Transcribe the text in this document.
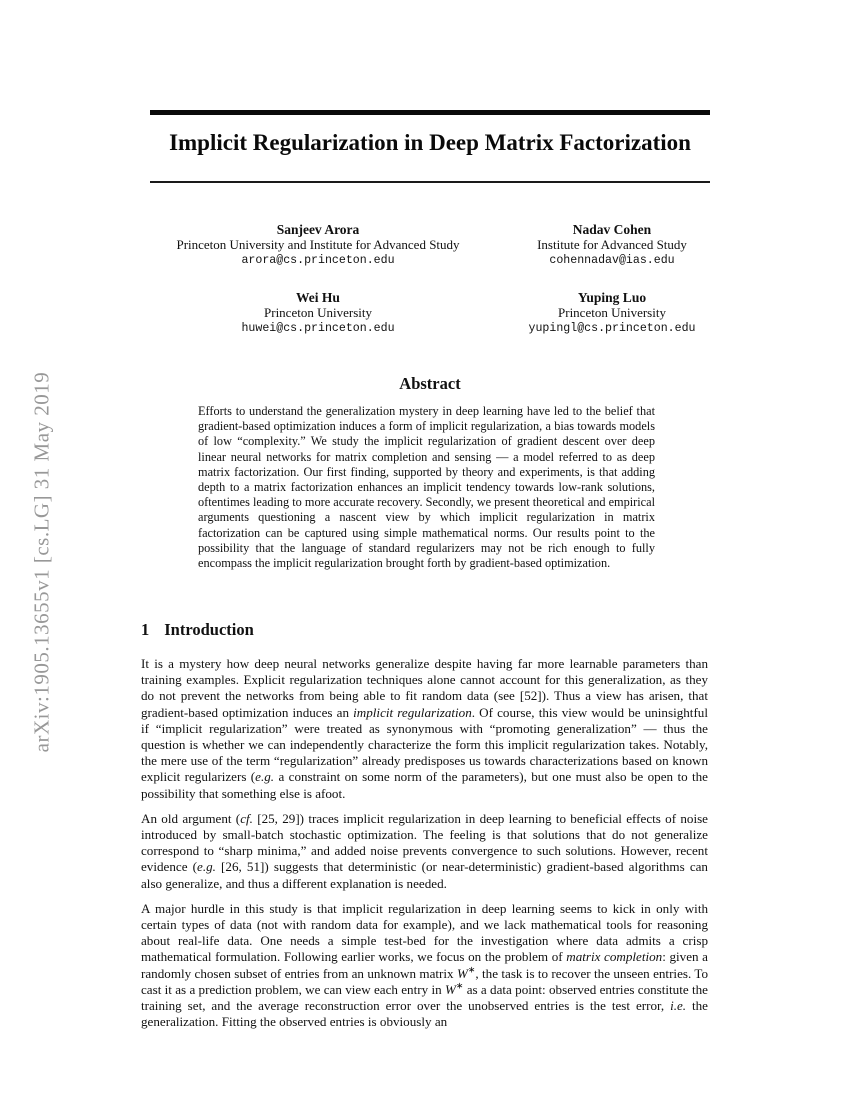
arXiv:1905.13655v1 [cs.LG] 31 May 2019
Implicit Regularization in Deep Matrix Factorization
Sanjeev Arora
Princeton University and Institute for Advanced Study
arora@cs.princeton.edu
Nadav Cohen
Institute for Advanced Study
cohennadav@ias.edu
Wei Hu
Princeton University
huwei@cs.princeton.edu
Yuping Luo
Princeton University
yupingl@cs.princeton.edu
Abstract
Efforts to understand the generalization mystery in deep learning have led to the belief that gradient-based optimization induces a form of implicit regularization, a bias towards models of low “complexity.” We study the implicit regularization of gradient descent over deep linear neural networks for matrix completion and sensing — a model referred to as deep matrix factorization. Our first finding, supported by theory and experiments, is that adding depth to a matrix factorization enhances an implicit tendency towards low-rank solutions, oftentimes leading to more accurate recovery. Secondly, we present theoretical and empirical arguments questioning a nascent view by which implicit regularization in matrix factorization can be captured using simple mathematical norms. Our results point to the possibility that the language of standard regularizers may not be rich enough to fully encompass the implicit regularization brought forth by gradient-based optimization.
1 Introduction

It is a mystery how deep neural networks generalize despite having far more learnable parameters than training examples. Explicit regularization techniques alone cannot account for this generalization, as they do not prevent the networks from being able to fit random data (see [52]). Thus a view has arisen, that gradient-based optimization induces an implicit regularization. Of course, this view would be uninsightful if “implicit regularization” were treated as synonymous with “promoting generalization” — thus the question is whether we can independently characterize the form this implicit regularization takes. Notably, the mere use of the term “regularization” already predisposes us towards characterizations based on known explicit regularizers (e.g. a constraint on some norm of the parameters), but one must also be open to the possibility that something else is afoot.

An old argument (cf. [25, 29]) traces implicit regularization in deep learning to beneficial effects of noise introduced by small-batch stochastic optimization. The feeling is that solutions that do not generalize correspond to “sharp minima,” and added noise prevents convergence to such solutions. However, recent evidence (e.g. [26, 51]) suggests that deterministic (or near-deterministic) gradient-based algorithms can also generalize, and thus a different explanation is needed.

A major hurdle in this study is that implicit regularization in deep learning seems to kick in only with certain types of data (not with random data for example), and we lack mathematical tools for reasoning about real-life data. One needs a simple test-bed for the investigation where data admits a crisp mathematical formulation. Following earlier works, we focus on the problem of matrix completion: given a randomly chosen subset of entries from an unknown matrix W∗, the task is to recover the unseen entries. To cast it as a prediction problem, we can view each entry in W∗ as a data point: observed entries constitute the training set, and the average reconstruction error over the unobserved entries is the test error, i.e. the generalization. Fitting the observed entries is obviously an
